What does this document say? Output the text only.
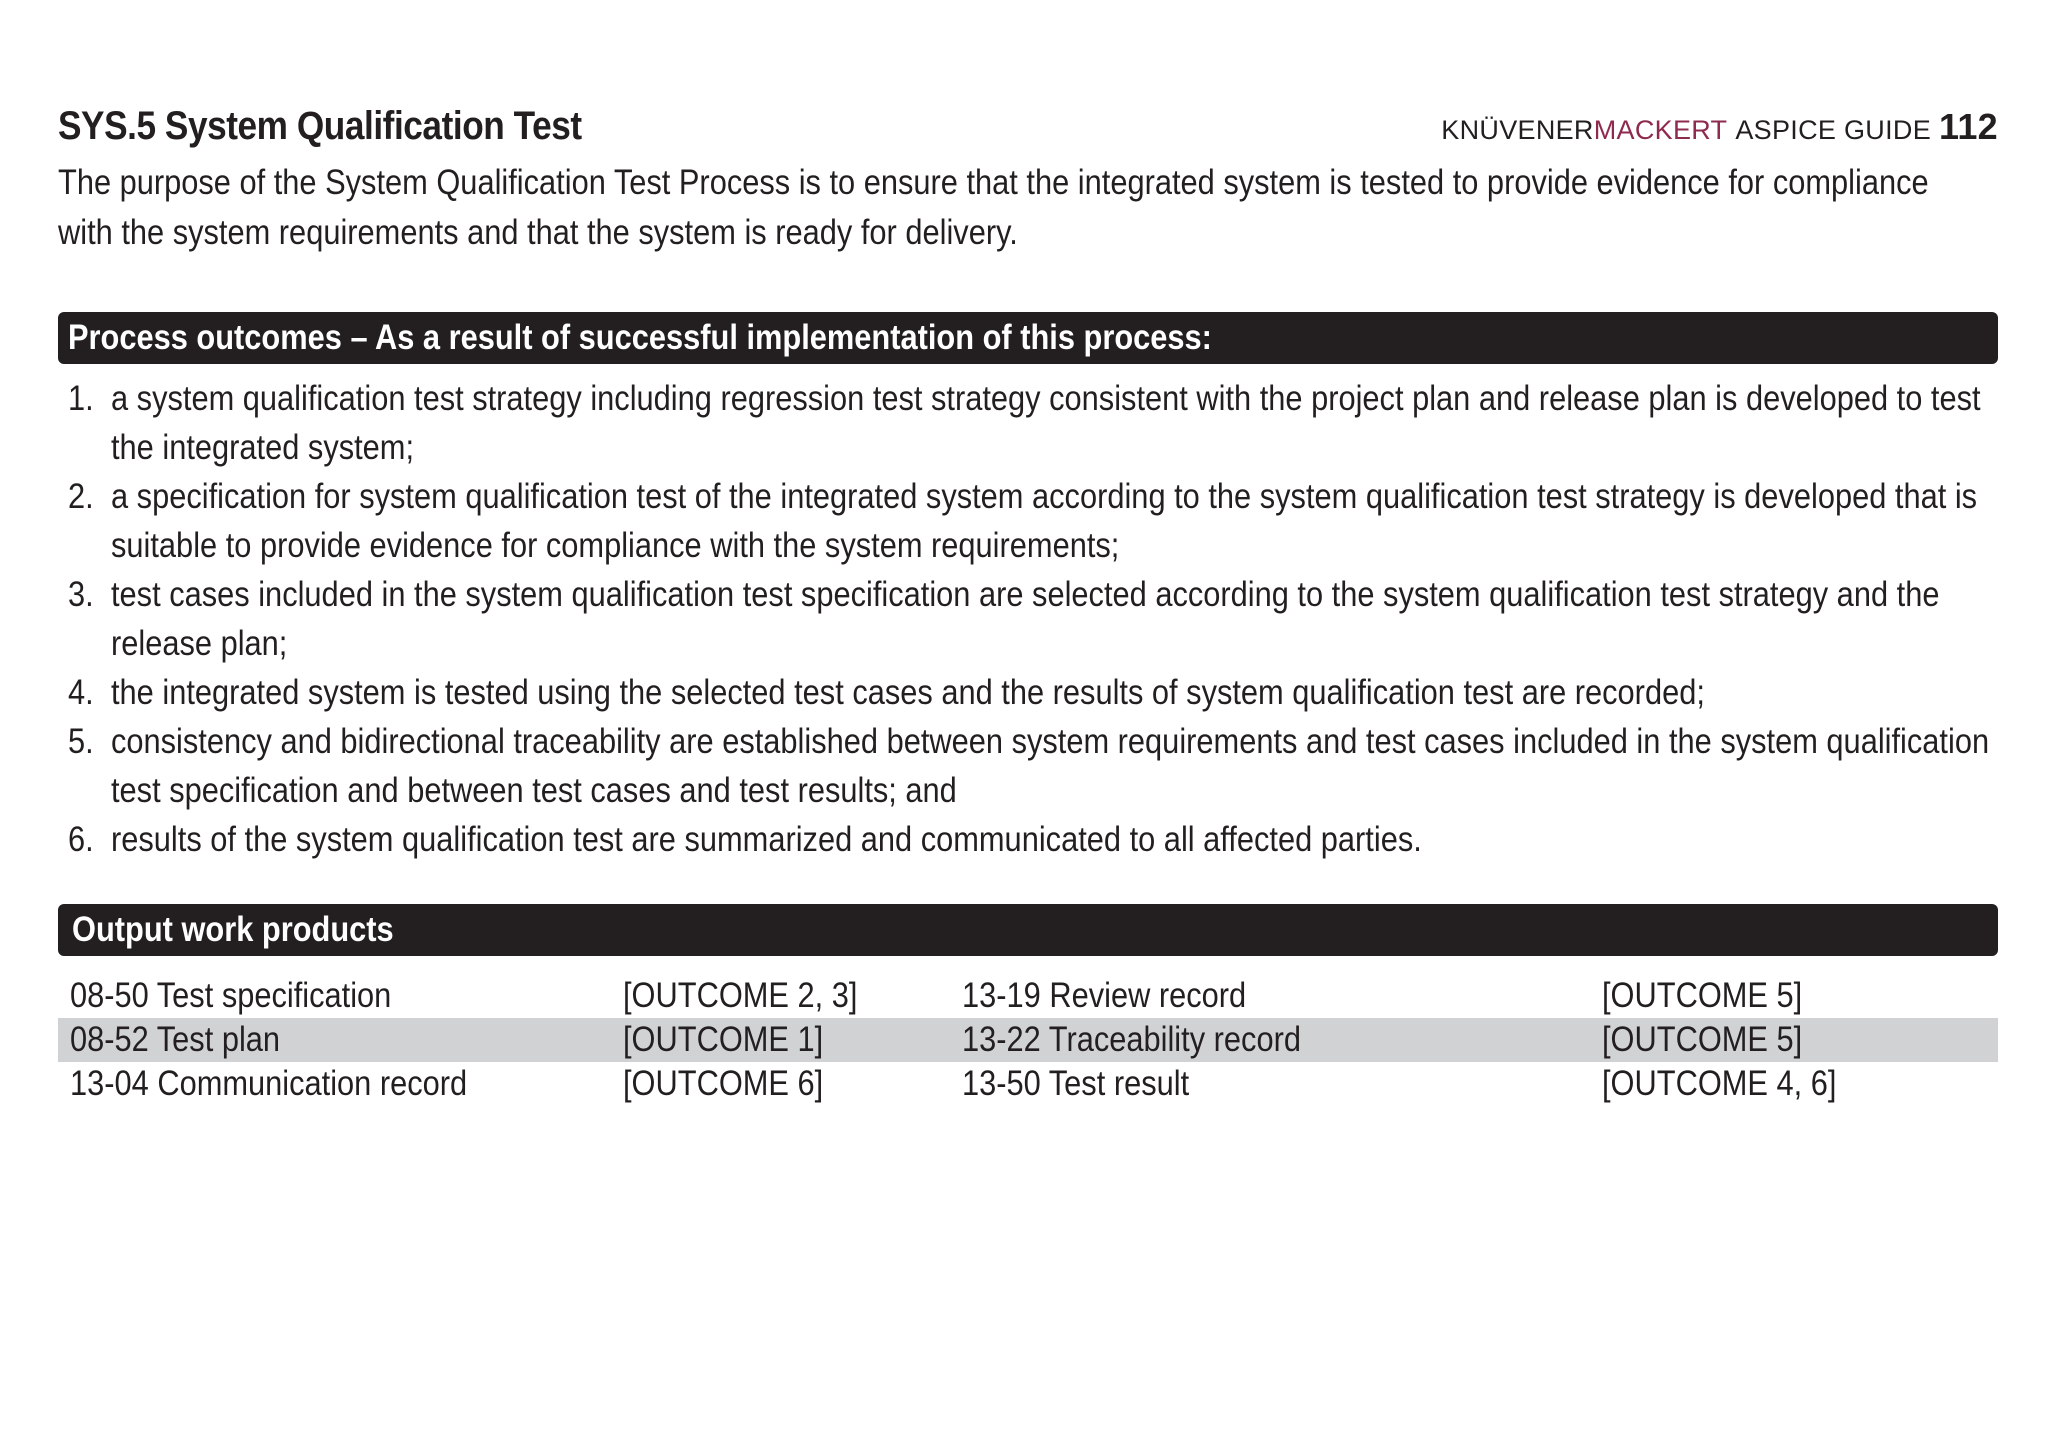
SYS.5 System Qualification Test	KNÜVENERMACKERT ASPICE GUIDE 112
The purpose of the System Qualification Test Process is to ensure that the integrated system is tested to provide evidence for compliance with the system requirements and that the system is ready for delivery.
Process outcomes – As a result of successful implementation of this process:
1. a system qualification test strategy including regression test strategy consistent with the project plan and release plan is developed to test the integrated system;
2. a specification for system qualification test of the integrated system according to the system qualification test strategy is developed that is suitable to provide evidence for compliance with the system requirements;
3. test cases included in the system qualification test specification are selected according to the system qualification test strategy and the release plan;
4. the integrated system is tested using the selected test cases and the results of system qualification test are recorded;
5. consistency and bidirectional traceability are established between system requirements and test cases included in the system qualification test specification and between test cases and test results; and
6. results of the system qualification test are summarized and communicated to all affected parties.
Output work products
08-50 Test specification	[OUTCOME 2, 3]	13-19 Review record	[OUTCOME 5]
08-52 Test plan	[OUTCOME 1]	13-22 Traceability record	[OUTCOME 5]
13-04 Communication record	[OUTCOME 6]	13-50 Test result	[OUTCOME 4, 6]
